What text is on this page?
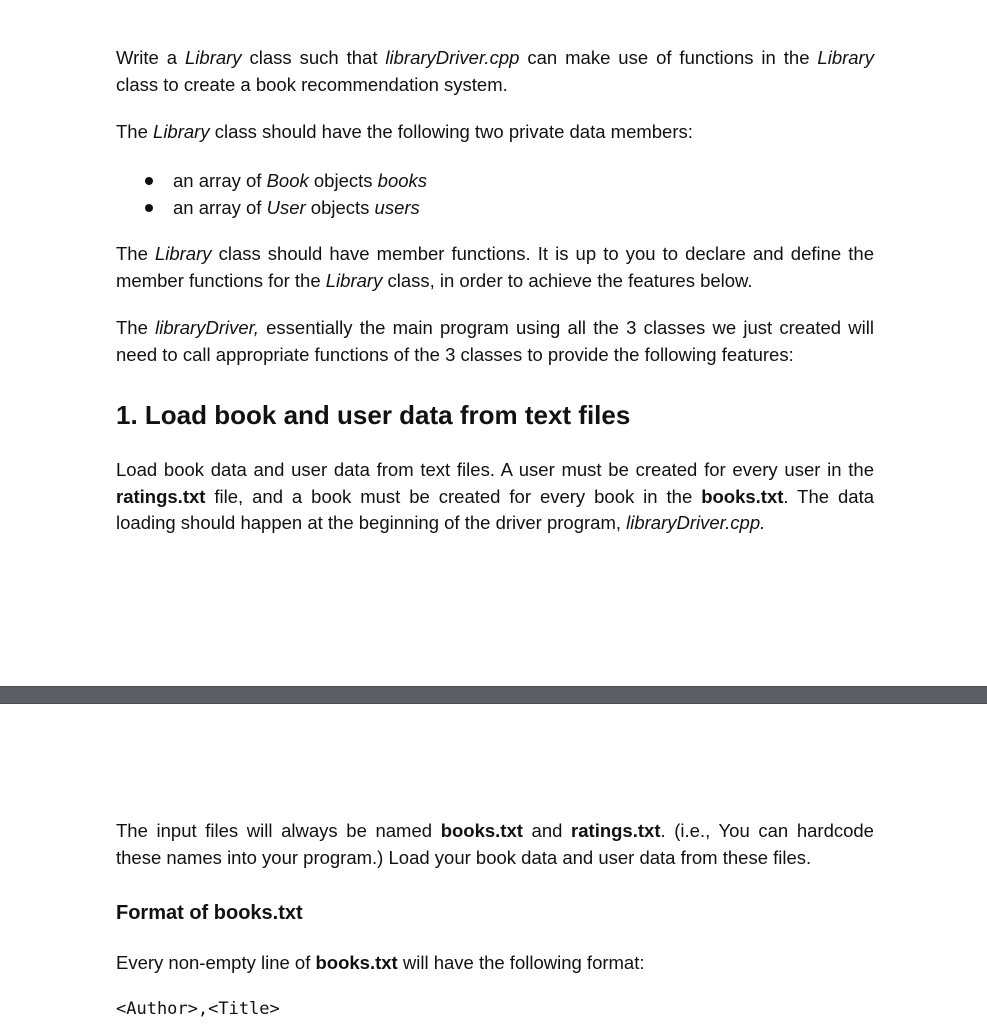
Write a Library class such that libraryDriver.cpp can make use of functions in the Library class to create a book recommendation system.

The Library class should have the following two private data members:

an array of Book objects books
an array of User objects users

The Library class should have member functions. It is up to you to declare and define the member functions for the Library class, in order to achieve the features below.

The libraryDriver, essentially the main program using all the 3 classes we just created will need to call appropriate functions of the 3 classes to provide the following features:

1. Load book and user data from text files

Load book data and user data from text files. A user must be created for every user in the ratings.txt file, and a book must be created for every book in the books.txt. The data loading should happen at the beginning of the driver program, libraryDriver.cpp.

The input files will always be named books.txt and ratings.txt. (i.e., You can hardcode these names into your program.) Load your book data and user data from these files.

Format of books.txt

Every non-empty line of books.txt will have the following format:

<Author>,<Title>
